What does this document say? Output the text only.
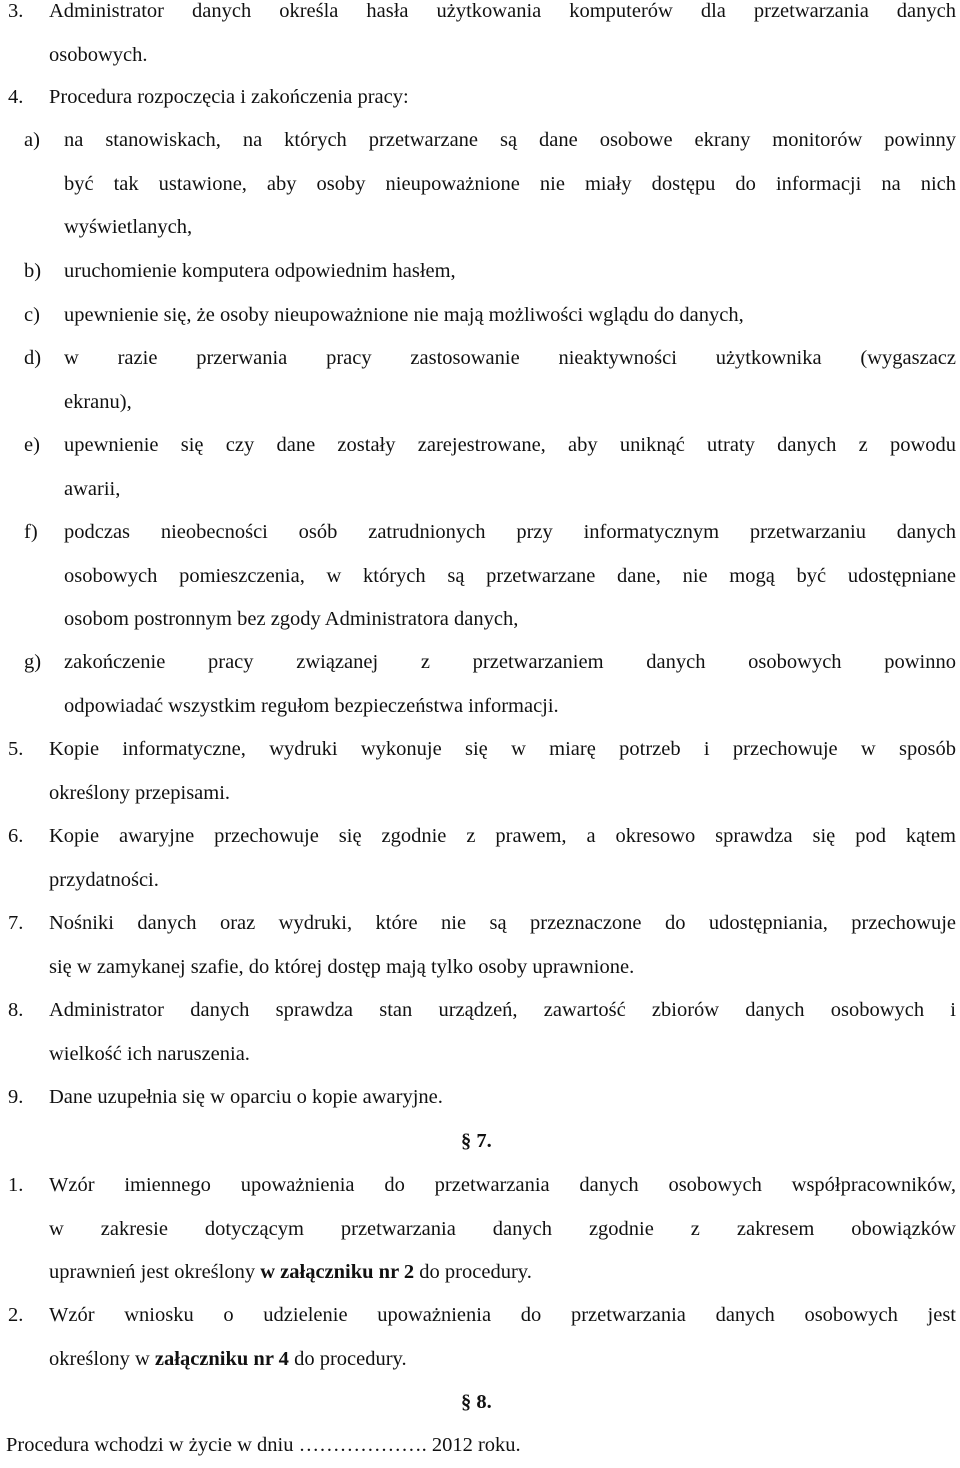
3. Administrator danych określa hasła użytkowania komputerów dla przetwarzania danych
osobowych.
4. Procedura rozpoczęcia i zakończenia pracy:
a) na stanowiskach, na których przetwarzane są dane osobowe ekrany monitorów powinny
być tak ustawione, aby osoby nieupoważnione nie miały dostępu do informacji na nich
wyświetlanych,
b) uruchomienie komputera odpowiednim hasłem,
c) upewnienie się, że osoby nieupoważnione nie mają możliwości wglądu do danych,
d) w razie przerwania pracy zastosowanie nieaktywności użytkownika (wygaszacz
ekranu),
e) upewnienie się czy dane zostały zarejestrowane, aby uniknąć utraty danych z powodu
awarii,
f) podczas nieobecności osób zatrudnionych przy informatycznym przetwarzaniu danych
osobowych pomieszczenia, w których są przetwarzane dane, nie mogą być udostępniane
osobom postronnym bez zgody Administratora danych,
g) zakończenie pracy związanej z przetwarzaniem danych osobowych powinno
odpowiadać wszystkim regułom bezpieczeństwa informacji.
5. Kopie informatyczne, wydruki wykonuje się w miarę potrzeb i przechowuje w sposób
określony przepisami.
6. Kopie awaryjne przechowuje się zgodnie z prawem, a okresowo sprawdza się pod kątem
przydatności.
7. Nośniki danych oraz wydruki, które nie są przeznaczone do udostępniania, przechowuje
się w zamykanej szafie, do której dostęp mają tylko osoby uprawnione.
8. Administrator danych sprawdza stan urządzeń, zawartość zbiorów danych osobowych i
wielkość ich naruszenia.
9. Dane uzupełnia się w oparciu o kopie awaryjne.
§ 7.
1. Wzór imiennego upoważnienia do przetwarzania danych osobowych współpracowników,
w zakresie dotyczącym przetwarzania danych zgodnie z zakresem obowiązków
uprawnień jest określony w załączniku nr 2 do procedury.
2. Wzór wniosku o udzielenie upoważnienia do przetwarzania danych osobowych jest
określony w załączniku nr 4 do procedury.
§ 8.
Procedura wchodzi w życie w dniu ………………. 2012 roku.
